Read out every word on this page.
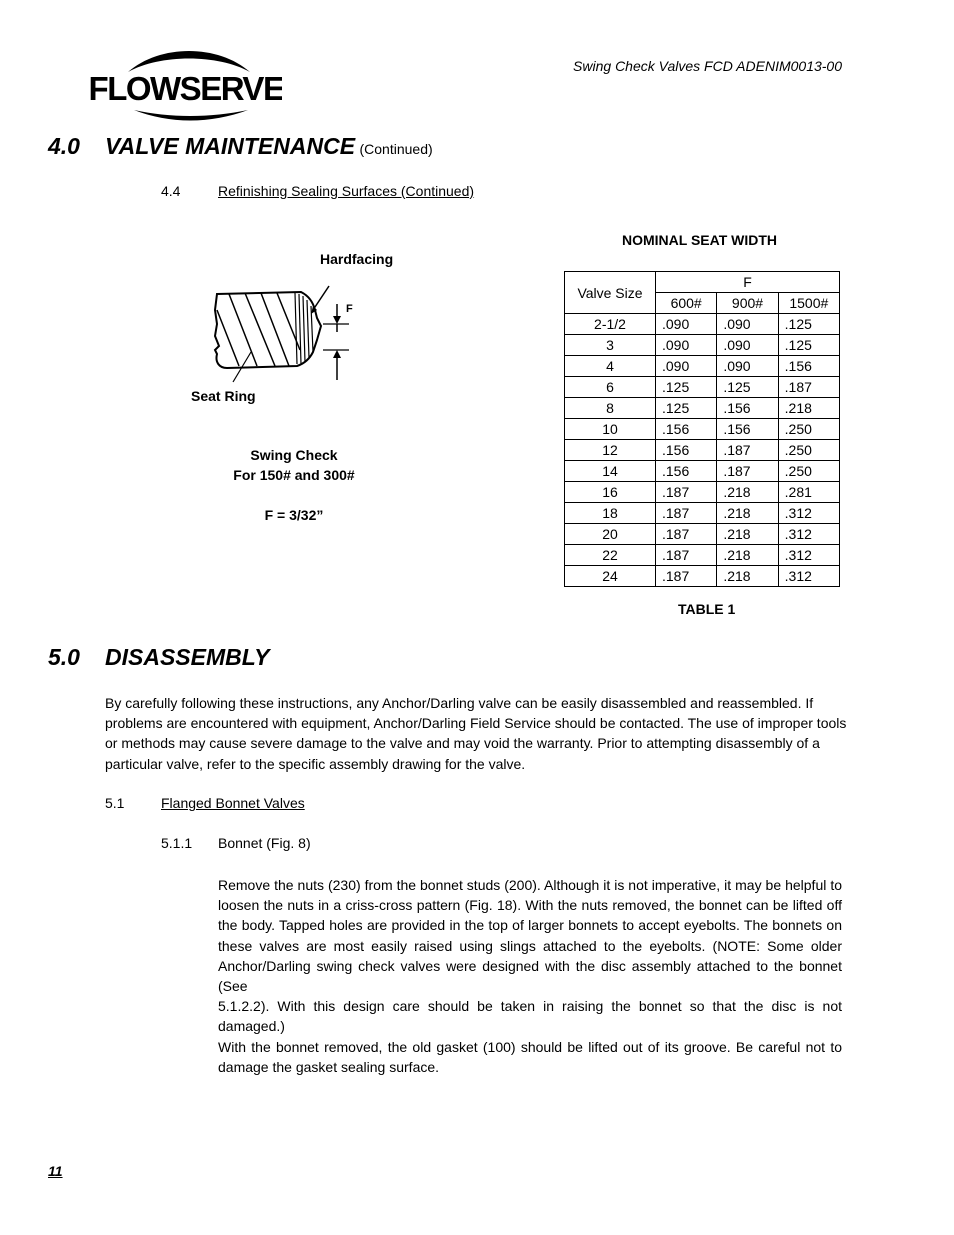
FLOWSERVE
Swing Check Valves FCD ADENIM0013-00
4.0 VALVE MAINTENANCE (Continued)
4.4	Refinishing Sealing Surfaces (Continued)
Hardfacing
F
Seat Ring
Swing Check
For 150# and 300#
F = 3/32”
NOMINAL SEAT WIDTH
Valve Size	F		
	600#	900#	1500#
2-1/2	.090	.090	.125
3	.090	.090	.125
4	.090	.090	.156
6	.125	.125	.187
8	.125	.156	.218
10	.156	.156	.250
12	.156	.187	.250
14	.156	.187	.250
16	.187	.218	.281
18	.187	.218	.312
20	.187	.218	.312
22	.187	.218	.312
24	.187	.218	.312
TABLE 1
5.0 DISASSEMBLY
By carefully following these instructions, any Anchor/Darling valve can be easily disassembled and reassembled. If
problems are encountered with equipment, Anchor/Darling Field Service should be contacted. The use of improper tools
or methods may cause severe damage to the valve and may void the warranty. Prior to attempting disassembly of a
particular valve, refer to the specific assembly drawing for the valve.
5.1	Flanged Bonnet Valves
5.1.1 Bonnet (Fig. 8)
Remove the nuts (230) from the bonnet studs (200). Although it is not imperative, it may be helpful to
loosen the nuts in a criss-cross pattern (Fig. 18). With the nuts removed, the bonnet can be lifted off
the body. Tapped holes are provided in the top of larger bonnets to accept eyebolts. The bonnets on
these valves are most easily raised using slings attached to the eyebolts. (NOTE: Some older
Anchor/Darling swing check valves were designed with the disc assembly attached to the bonnet (See
5.1.2.2). With this design care should be taken in raising the bonnet so that the disc is not damaged.)
With the bonnet removed, the old gasket (100) should be lifted out of its groove. Be careful not to
damage the gasket sealing surface.
11
